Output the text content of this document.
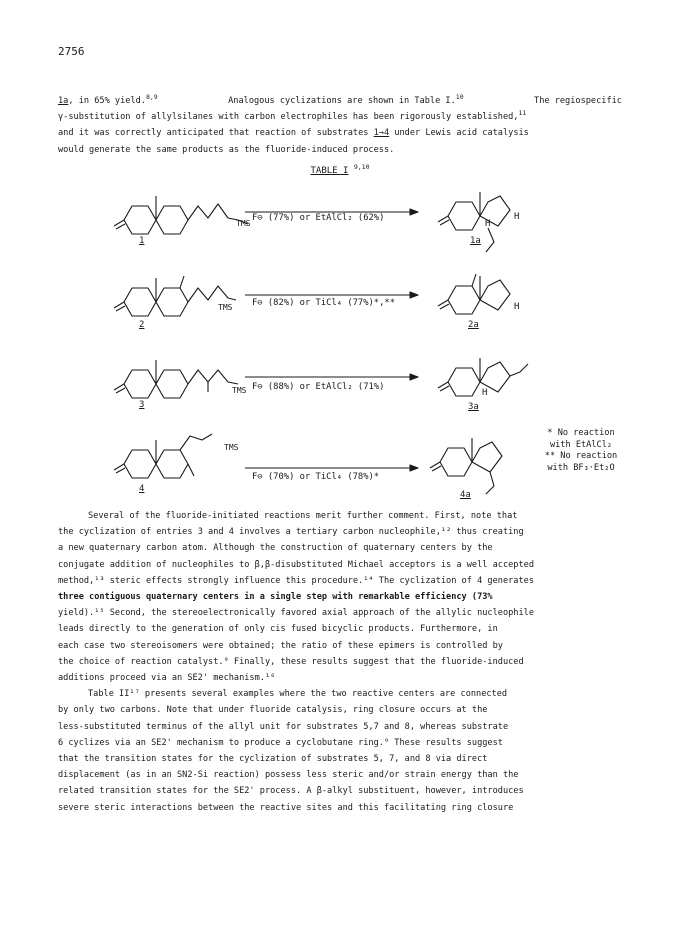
2756
1a, in 65% yield.$^{8,9}$	Analogous cyclizations are shown in Table I.$^{10}$	The regiospecific
γ-substitution of allylsilanes with carbon electrophiles has been rigorously established,$^{11}$
and it was correctly anticipated that reaction of substrates 1→4 under Lewis acid catalysis
would generate the same products as the fluoride-induced process.
TABLE I $^{9,10}$
TMS
F⊖ (77%) or EtAlCl₂ (62%)
1
H
H
1a
TMS F⊖ (82%) or TiCl₄ (77%)*,**
2
H
2a
TMS F⊖ (88%) or EtAlCl₂ (71%)
3
H
3a
TMS
F⊖ (70%) or TiCl₄ (78%)*
4
4a
* No reaction
with EtAlCl₂
** No reaction
with BF₃·Et₂O
Several of the fluoride-initiated reactions merit further comment. First, note that
the cyclization of entries 3 and 4 involves a tertiary carbon nucleophile,¹² thus creating
a new quaternary carbon atom. Although the construction of quaternary centers by the
conjugate addition of nucleophiles to β,β-disubstituted Michael acceptors is a well accepted
method,¹³ steric effects strongly influence this procedure.¹⁴ The cyclization of 4 generates
three contiguous quaternary centers in a single step with remarkable efficiency (73%
yield).¹⁵ Second, the stereoelectronically favored axial approach of the allylic nucleophile
leads directly to the generation of only cis fused bicyclic products. Furthermore, in
each case two stereoisomers were obtained; the ratio of these epimers is controlled by
the choice of reaction catalyst.⁹ Finally, these results suggest that the fluoride-induced
additions proceed via an SE2' mechanism.¹⁶
Table II¹⁷ presents several examples where the two reactive centers are connected
by only two carbons. Note that under fluoride catalysis, ring closure occurs at the
less-substituted terminus of the allyl unit for substrates 5,7 and 8, whereas substrate
6 cyclizes via an SE2' mechanism to produce a cyclobutane ring.⁹ These results suggest
that the transition states for the cyclization of substrates 5, 7, and 8 via direct
displacement (as in an SN2-Si reaction) possess less steric and/or strain energy than the
related transition states for the SE2' process. A β-alkyl substituent, however, introduces
severe steric interactions between the reactive sites and this facilitating ring closure
